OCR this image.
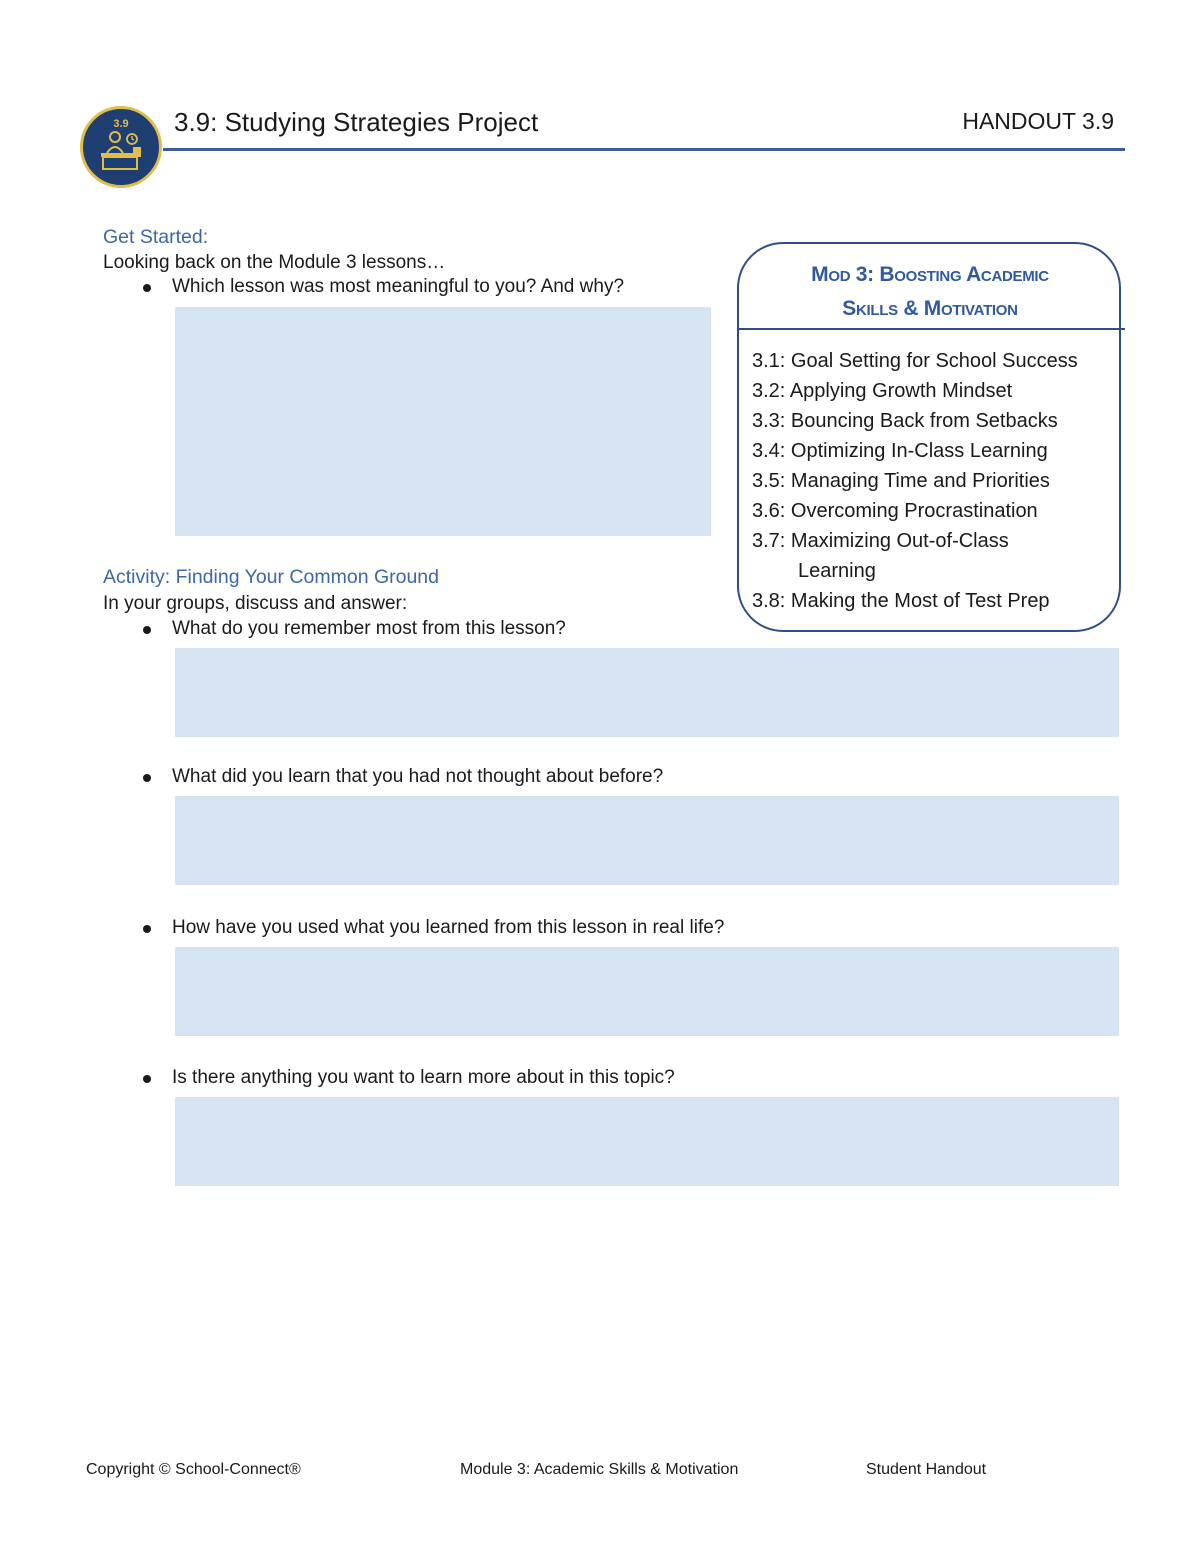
3.9 3.9: Studying Strategies Project	HANDOUT 3.9
Get Started:
Looking back on the Module 3 lessons…
Which lesson was most meaningful to you? And why?
Activity: Finding Your Common Ground
In your groups, discuss and answer:
What do you remember most from this lesson?
What did you learn that you had not thought about before?
How have you used what you learned from this lesson in real life?
Is there anything you want to learn more about in this topic?
Mod 3: Boosting Academic
Skills & Motivation
3.1: Goal Setting for School Success
3.2: Applying Growth Mindset
3.3: Bouncing Back from Setbacks
3.4: Optimizing In-Class Learning
3.5: Managing Time and Priorities
3.6: Overcoming Procrastination
3.7: Maximizing Out-of-Class
Learning
3.8: Making the Most of Test Prep
Copyright © School-Connect®	Module 3: Academic Skills & Motivation	Student Handout
